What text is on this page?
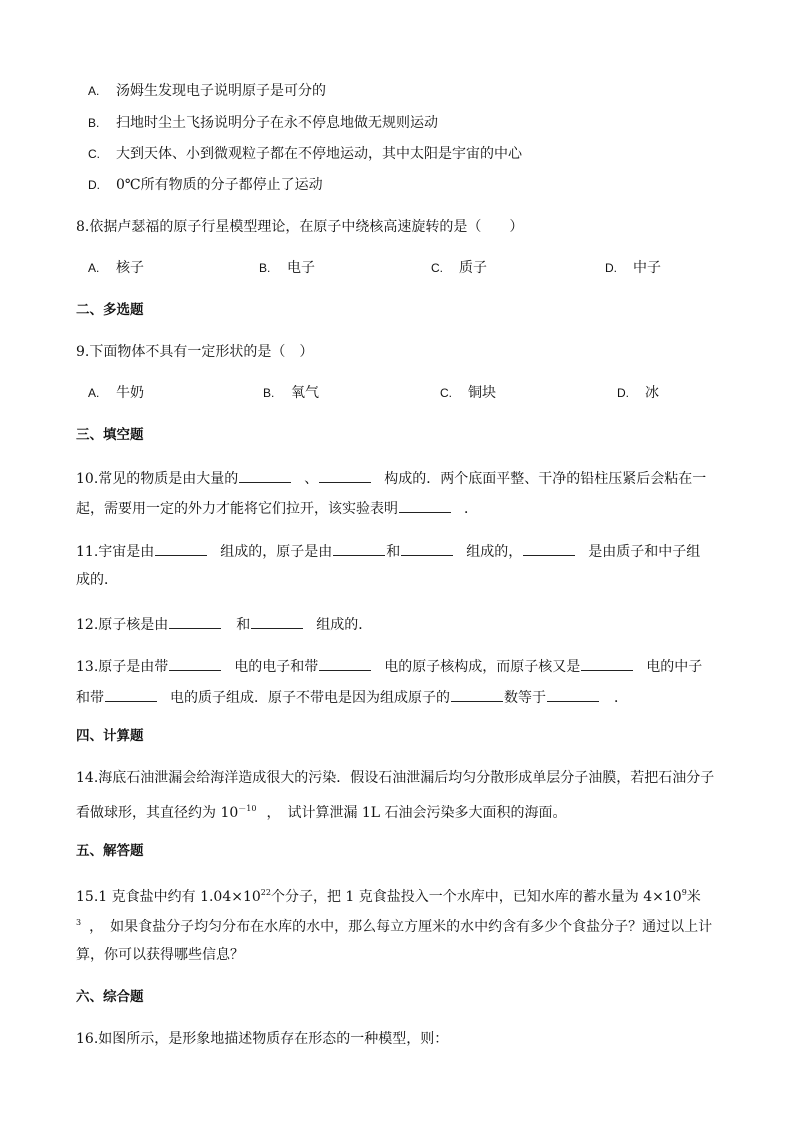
A. 汤姆生发现电子说明原子是可分的
B. 扫地时尘土飞扬说明分子在永不停息地做无规则运动
C. 大到天体、小到微观粒子都在不停地运动，其中太阳是宇宙的中心
D. 0℃所有物质的分子都停止了运动
8.依据卢瑟福的原子行星模型理论，在原子中绕核高速旋转的是（　　）
A. 核子	B. 电子	C. 质子	D. 中子
二、多选题
9.下面物体不具有一定形状的是（　）
A. 牛奶	B. 氧气	C. 铜块	D. 冰
三、填空题
10.常见的物质是由大量的	、	构成的．两个底面平整、干净的铅柱压紧后会粘在一
起，需要用一定的外力才能将它们拉开，该实验表明	．
11.宇宙是由	组成的，原子是由	和	组成的，	是由质子和中子组
成的．
12.原子核是由	和	组成的．
13.原子是由带	电的电子和带	电的原子核构成，而原子核又是	电的中子
和带	电的质子组成．原子不带电是因为组成原子的	数等于	．
四、计算题
14.海底石油泄漏会给海洋造成很大的污染．假设石油泄漏后均匀分散形成单层分子油膜，若把石油分子
看做球形，其直径约为 $10^{-10}$ ，　试计算泄漏 1L 石油会污染多大面积的海面。
五、解答题
15.1 克食盐中约有 $1.04\times 10^{22}$个分子，把 1 克食盐投入一个水库中，已知水库的蓄水量为 $4\times 10^9$米
$^3$ ，　如果食盐分子均匀分布在水库的水中，那么每立方厘米的水中约含有多少个食盐分子？通过以上计
算，你可以获得哪些信息？
六、综合题
16.如图所示，是形象地描述物质存在形态的一种模型，则：
